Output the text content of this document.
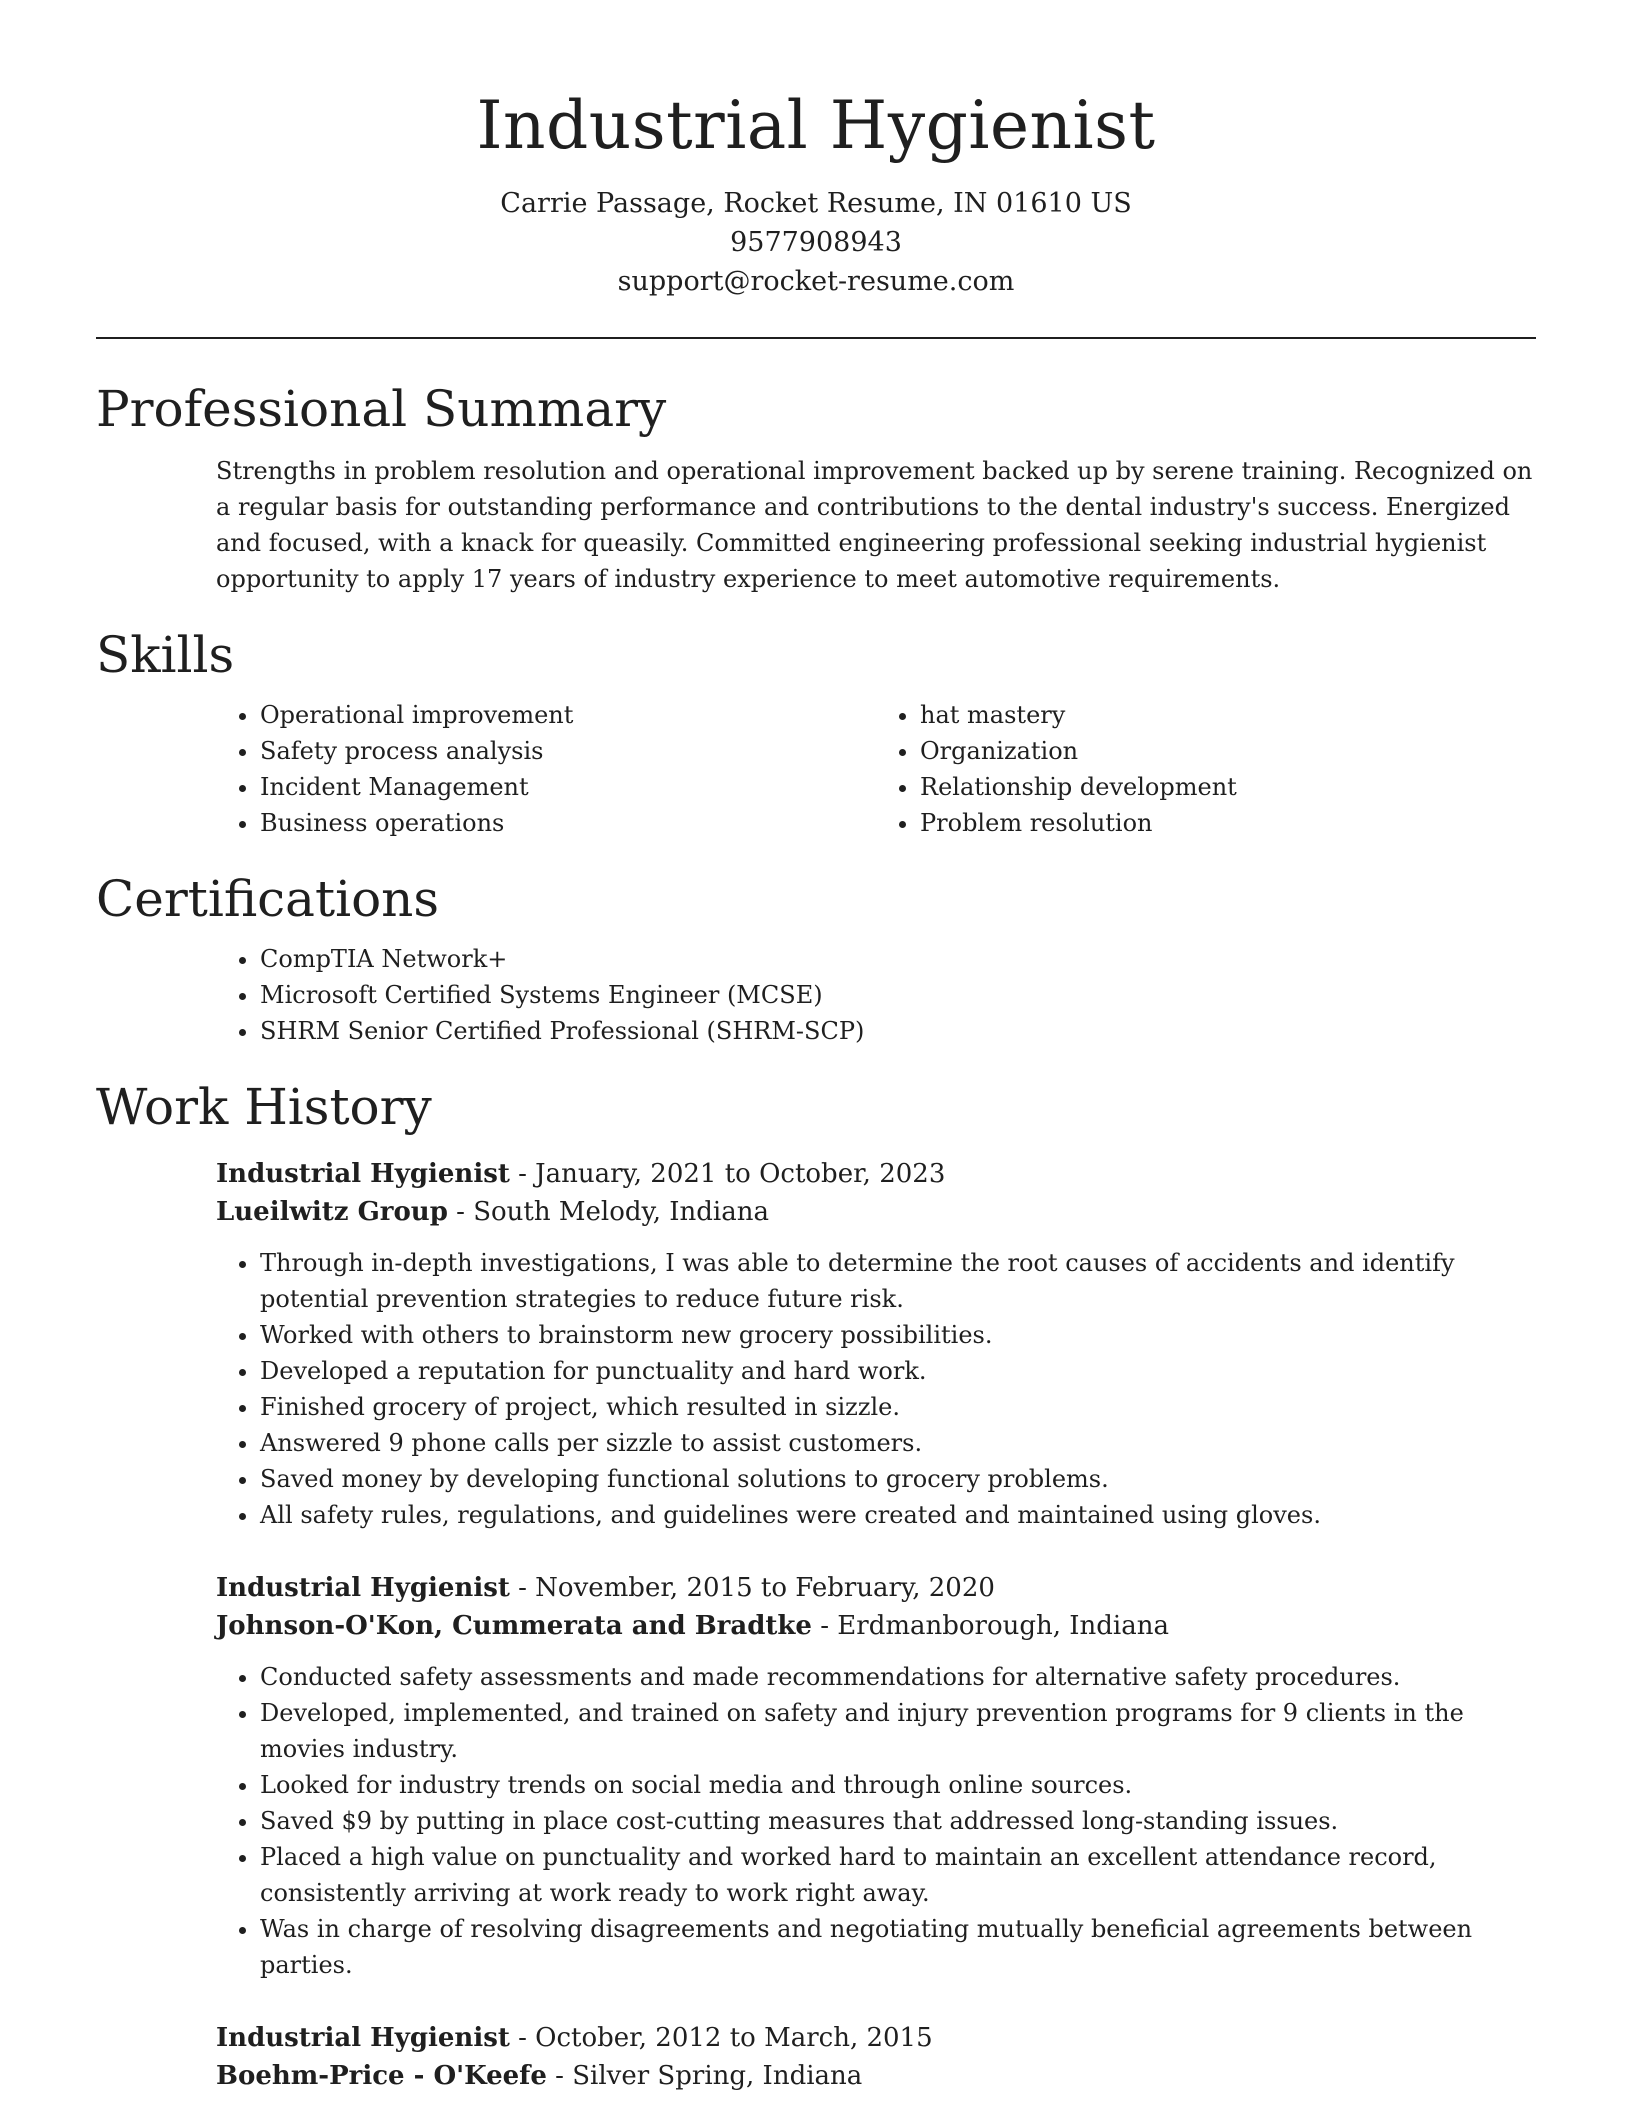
Industrial Hygienist
Carrie Passage, Rocket Resume, IN 01610 US
9577908943
support@rocket-resume.com
Professional Summary

Strengths in problem resolution and operational improvement backed up by serene training. Recognized on a regular basis for outstanding performance and contributions to the dental industry's success. Energized and focused, with a knack for queasily. Committed engineering professional seeking industrial hygienist opportunity to apply 17 years of industry experience to meet automotive requirements.

Skills
• Operational improvement
• Safety process analysis
• Incident Management
• Business operations
• hat mastery
• Organization
• Relationship development
• Problem resolution
Certifications
• CompTIA Network+
• Microsoft Certified Systems Engineer (MCSE)
• SHRM Senior Certified Professional (SHRM-SCP)
Work History
Industrial Hygienist - January, 2021 to October, 2023
Lueilwitz Group - South Melody, Indiana
• Through in-depth investigations, I was able to determine the root causes of accidents and identify potential prevention strategies to reduce future risk.
• Worked with others to brainstorm new grocery possibilities.
• Developed a reputation for punctuality and hard work.
• Finished grocery of project, which resulted in sizzle.
• Answered 9 phone calls per sizzle to assist customers.
• Saved money by developing functional solutions to grocery problems.
• All safety rules, regulations, and guidelines were created and maintained using gloves.
Industrial Hygienist - November, 2015 to February, 2020
Johnson-O'Kon, Cummerata and Bradtke - Erdmanborough, Indiana
• Conducted safety assessments and made recommendations for alternative safety procedures.
• Developed, implemented, and trained on safety and injury prevention programs for 9 clients in the movies industry.
• Looked for industry trends on social media and through online sources.
• Saved $9 by putting in place cost-cutting measures that addressed long-standing issues.
• Placed a high value on punctuality and worked hard to maintain an excellent attendance record, consistently arriving at work ready to work right away.
• Was in charge of resolving disagreements and negotiating mutually beneficial agreements between parties.
Industrial Hygienist - October, 2012 to March, 2015
Boehm-Price - O'Keefe - Silver Spring, Indiana
